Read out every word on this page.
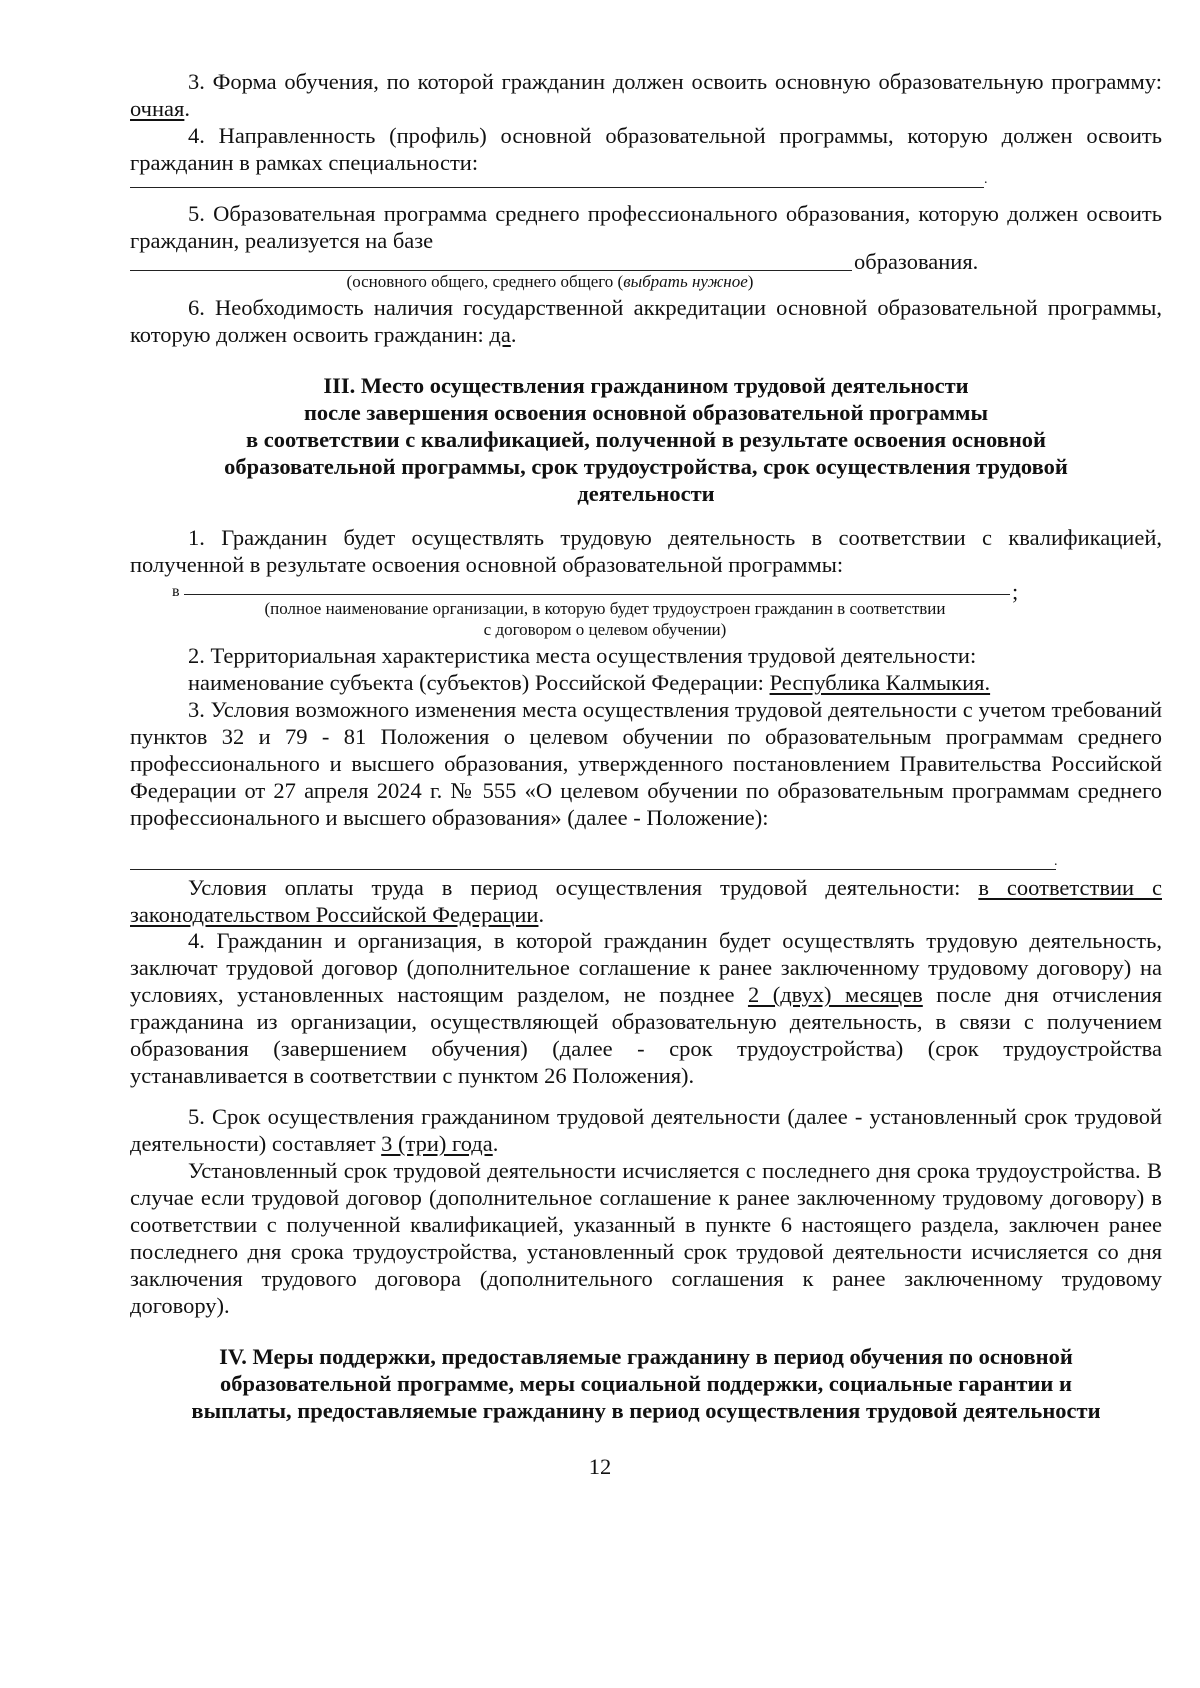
3. Форма обучения, по которой гражданин должен освоить основную образовательную программу: очная.

4. Направленность (профиль) основной образовательной программы, которую должен освоить гражданин в рамках специальности:

.

5. Образовательная программа среднего профессионального образования, которую должен освоить гражданин, реализуется на базе

образования.

(основного общего, среднего общего (выбрать нужное)

6. Необходимость наличия государственной аккредитации основной образовательной программы, которую должен освоить гражданин: да.

III. Место осуществления гражданином трудовой деятельности
после завершения освоения основной образовательной программы
в соответствии с квалификацией, полученной в результате освоения основной
образовательной программы, срок трудоустройства, срок осуществления трудовой
деятельности

1. Гражданин будет осуществлять трудовую деятельность в соответствии с квалификацией, полученной в результате освоения основной образовательной программы:

в	;

(полное наименование организации, в которую будет трудоустроен гражданин в соответствии
с договором о целевом обучении)

2. Территориальная характеристика места осуществления трудовой деятельности:

наименование субъекта (субъектов) Российской Федерации: Республика Калмыкия.

3. Условия возможного изменения места осуществления трудовой деятельности с учетом требований пунктов 32 и 79 - 81 Положения о целевом обучении по образовательным программам среднего профессионального и высшего образования, утвержденного постановлением Правительства Российской Федерации от 27 апреля 2024 г. № 555 «О целевом обучении по образовательным программам среднего профессионального и высшего образования» (далее - Положение):

.

Условия оплаты труда в период осуществления трудовой деятельности: в соответствии с законодательством Российской Федерации.

4. Гражданин и организация, в которой гражданин будет осуществлять трудовую деятельность, заключат трудовой договор (дополнительное соглашение к ранее заключенному трудовому договору) на условиях, установленных настоящим разделом, не позднее 2 (двух) месяцев после дня отчисления гражданина из организации, осуществляющей образовательную деятельность, в связи с получением образования (завершением обучения) (далее - срок трудоустройства) (срок трудоустройства устанавливается в соответствии с пунктом 26 Положения).

5. Срок осуществления гражданином трудовой деятельности (далее - установленный срок трудовой деятельности) составляет 3 (три) года.

Установленный срок трудовой деятельности исчисляется с последнего дня срока трудоустройства. В случае если трудовой договор (дополнительное соглашение к ранее заключенному трудовому договору) в соответствии с полученной квалификацией, указанный в пункте 6 настоящего раздела, заключен ранее последнего дня срока трудоустройства, установленный срок трудовой деятельности исчисляется со дня заключения трудового договора (дополнительного соглашения к ранее заключенному трудовому договору).

IV. Меры поддержки, предоставляемые гражданину в период обучения по основной
образовательной программе, меры социальной поддержки, социальные гарантии и
выплаты, предоставляемые гражданину в период осуществления трудовой деятельности
12
